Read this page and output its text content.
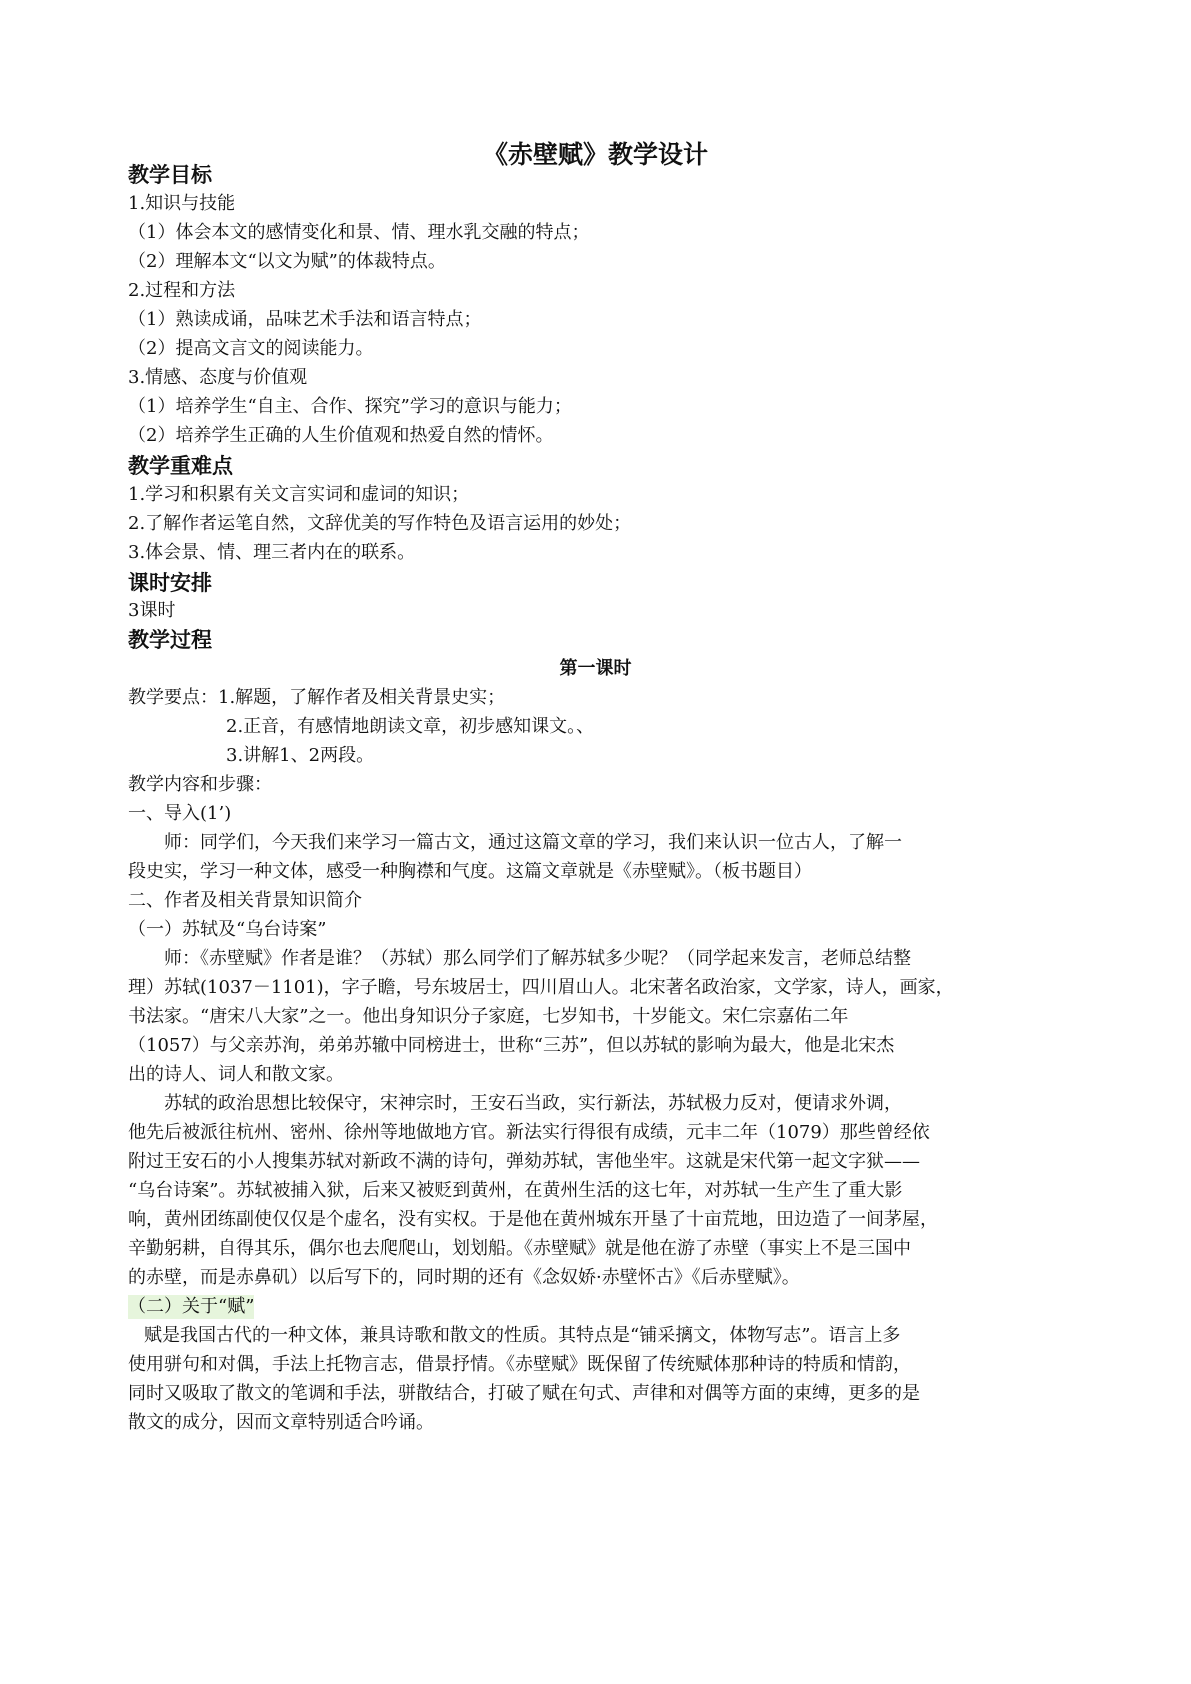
《赤壁赋》教学设计
教学目标
1.知识与技能
（1）体会本文的感情变化和景、情、理水乳交融的特点；
（2）理解本文“以文为赋”的体裁特点。
2.过程和方法
（1）熟读成诵，品味艺术手法和语言特点；
（2）提高文言文的阅读能力。
3.情感、态度与价值观
（1）培养学生“自主、合作、探究”学习的意识与能力；
（2）培养学生正确的人生价值观和热爱自然的情怀。
教学重难点
1.学习和积累有关文言实词和虚词的知识；
2.了解作者运笔自然，文辞优美的写作特色及语言运用的妙处；
3.体会景、情、理三者内在的联系。
课时安排
3课时
教学过程
第一课时
教学要点：1.解题，了解作者及相关背景史实；
2.正音，有感情地朗读文章，初步感知课文。、
3.讲解1、2两段。
教学内容和步骤：
一、导入(1’)
师：同学们，今天我们来学习一篇古文，通过这篇文章的学习，我们来认识一位古人，了解一
段史实，学习一种文体，感受一种胸襟和气度。这篇文章就是《赤壁赋》。（板书题目）
二、作者及相关背景知识简介
（一）苏轼及“乌台诗案”
师：《赤壁赋》作者是谁？（苏轼）那么同学们了解苏轼多少呢？（同学起来发言，老师总结整
理）苏轼(1037－1101)，字子瞻，号东坡居士，四川眉山人。北宋著名政治家，文学家，诗人，画家，
书法家。“唐宋八大家”之一。他出身知识分子家庭，七岁知书，十岁能文。宋仁宗嘉佑二年
（1057）与父亲苏洵，弟弟苏辙中同榜进士，世称“三苏”，但以苏轼的影响为最大，他是北宋杰
出的诗人、词人和散文家。
苏轼的政治思想比较保守，宋神宗时，王安石当政，实行新法，苏轼极力反对，便请求外调，
他先后被派往杭州、密州、徐州等地做地方官。新法实行得很有成绩，元丰二年（1079）那些曾经依
附过王安石的小人搜集苏轼对新政不满的诗句，弹劾苏轼，害他坐牢。这就是宋代第一起文字狱——
“乌台诗案”。苏轼被捕入狱，后来又被贬到黄州，在黄州生活的这七年，对苏轼一生产生了重大影
响，黄州团练副使仅仅是个虚名，没有实权。于是他在黄州城东开垦了十亩荒地，田边造了一间茅屋，
辛勤躬耕，自得其乐，偶尔也去爬爬山，划划船。《赤壁赋》就是他在游了赤壁（事实上不是三国中
的赤壁，而是赤鼻矶）以后写下的，同时期的还有《念奴娇·赤壁怀古》《后赤壁赋》。
（二）关于“赋”
赋是我国古代的一种文体，兼具诗歌和散文的性质。其特点是“铺采摛文，体物写志”。语言上多
使用骈句和对偶，手法上托物言志，借景抒情。《赤壁赋》既保留了传统赋体那种诗的特质和情韵，
同时又吸取了散文的笔调和手法，骈散结合，打破了赋在句式、声律和对偶等方面的束缚，更多的是
散文的成分，因而文章特别适合吟诵。
